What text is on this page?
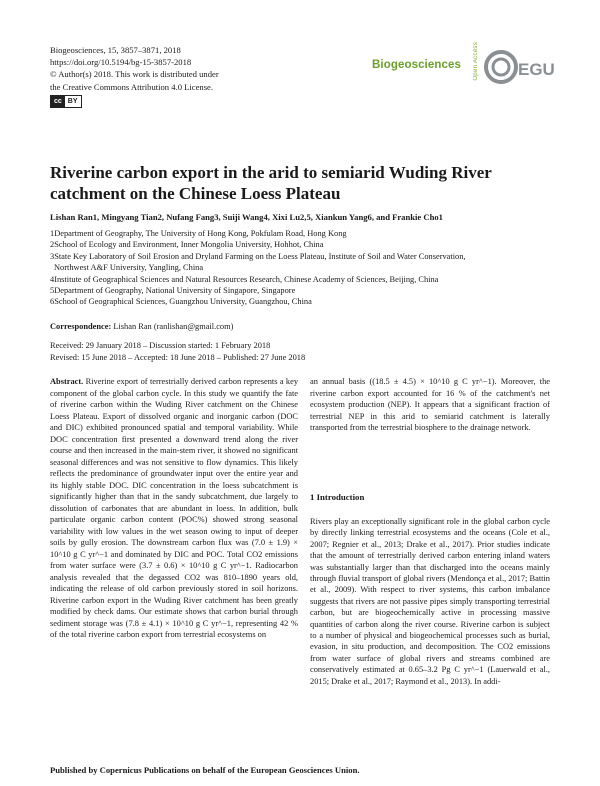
Biogeosciences, 15, 3857–3871, 2018
https://doi.org/10.5194/bg-15-3857-2018
© Author(s) 2018. This work is distributed under
the Creative Commons Attribution 4.0 License.
cc BY
Biogeosciences Open Access EGU
Riverine carbon export in the arid to semiarid Wuding River
catchment on the Chinese Loess Plateau
Lishan Ran1, Mingyang Tian2, Nufang Fang3, Suiji Wang4, Xixi Lu2,5, Xiankun Yang6, and Frankie Cho1

1Department of Geography, The University of Hong Kong, Pokfulam Road, Hong Kong

2School of Ecology and Environment, Inner Mongolia University, Hohhot, China

3State Key Laboratory of Soil Erosion and Dryland Farming on the Loess Plateau, Institute of Soil and Water Conservation,

Northwest A&F University, Yangling, China

4Institute of Geographical Sciences and Natural Resources Research, Chinese Academy of Sciences, Beijing, China

5Department of Geography, National University of Singapore, Singapore

6School of Geographical Sciences, Guangzhou University, Guangzhou, China

Correspondence: Lishan Ran (ranlishan@gmail.com)
Received: 29 January 2018 – Discussion started: 1 February 2018
Revised: 15 June 2018 – Accepted: 18 June 2018 – Published: 27 June 2018

Abstract. Riverine export of terrestrially derived carbon represents a key component of the global carbon cycle. In this study we quantify the fate of riverine carbon within the Wuding River catchment on the Chinese Loess Plateau. Export of dissolved organic and inorganic carbon (DOC and DIC) exhibited pronounced spatial and temporal variability. While DOC concentration first presented a downward trend along the river course and then increased in the main-stem river, it showed no significant seasonal differences and was not sensitive to flow dynamics. This likely reflects the predominance of groundwater input over the entire year and its highly stable DOC. DIC concentration in the loess subcatchment is significantly higher than that in the sandy subcatchment, due largely to dissolution of carbonates that are abundant in loess. In addition, bulk particulate organic carbon content (POC%) showed strong seasonal variability with low values in the wet season owing to input of deeper soils by gully erosion. The downstream carbon flux was (7.0 ± 1.9) × 10^10 g C yr^−1 and dominated by DIC and POC. Total CO2 emissions from water surface were (3.7 ± 0.6) × 10^10 g C yr^−1. Radiocarbon analysis revealed that the degassed CO2 was 810–1890 years old, indicating the release of old carbon previously stored in soil horizons. Riverine carbon export in the Wuding River catchment has been greatly modified by check dams. Our estimate shows that carbon burial through sediment storage was (7.8 ± 4.1) × 10^10 g C yr^−1, representing 42 % of the total riverine carbon export from terrestrial ecosystems on

an annual basis ((18.5 ± 4.5) × 10^10 g C yr^−1). Moreover, the riverine carbon export accounted for 16 % of the catchment's net ecosystem production (NEP). It appears that a significant fraction of terrestrial NEP in this arid to semiarid catchment is laterally transported from the terrestrial biosphere to the drainage network.

1 Introduction

Rivers play an exceptionally significant role in the global carbon cycle by directly linking terrestrial ecosystems and the oceans (Cole et al., 2007; Regnier et al., 2013; Drake et al., 2017). Prior studies indicate that the amount of terrestrially derived carbon entering inland waters was substantially larger than that discharged into the oceans mainly through fluvial transport of global rivers (Mendonça et al., 2017; Battin et al., 2009). With respect to river systems, this carbon imbalance suggests that rivers are not passive pipes simply transporting terrestrial carbon, but are biogeochemically active in processing massive quantities of carbon along the river course. Riverine carbon is subject to a number of physical and biogeochemical processes such as burial, evasion, in situ production, and decomposition. The CO2 emissions from water surface of global rivers and streams combined are conservatively estimated at 0.65–3.2 Pg C yr^−1 (Lauerwald et al., 2015; Drake et al., 2017; Raymond et al., 2013). In addi-

Published by Copernicus Publications on behalf of the European Geosciences Union.
